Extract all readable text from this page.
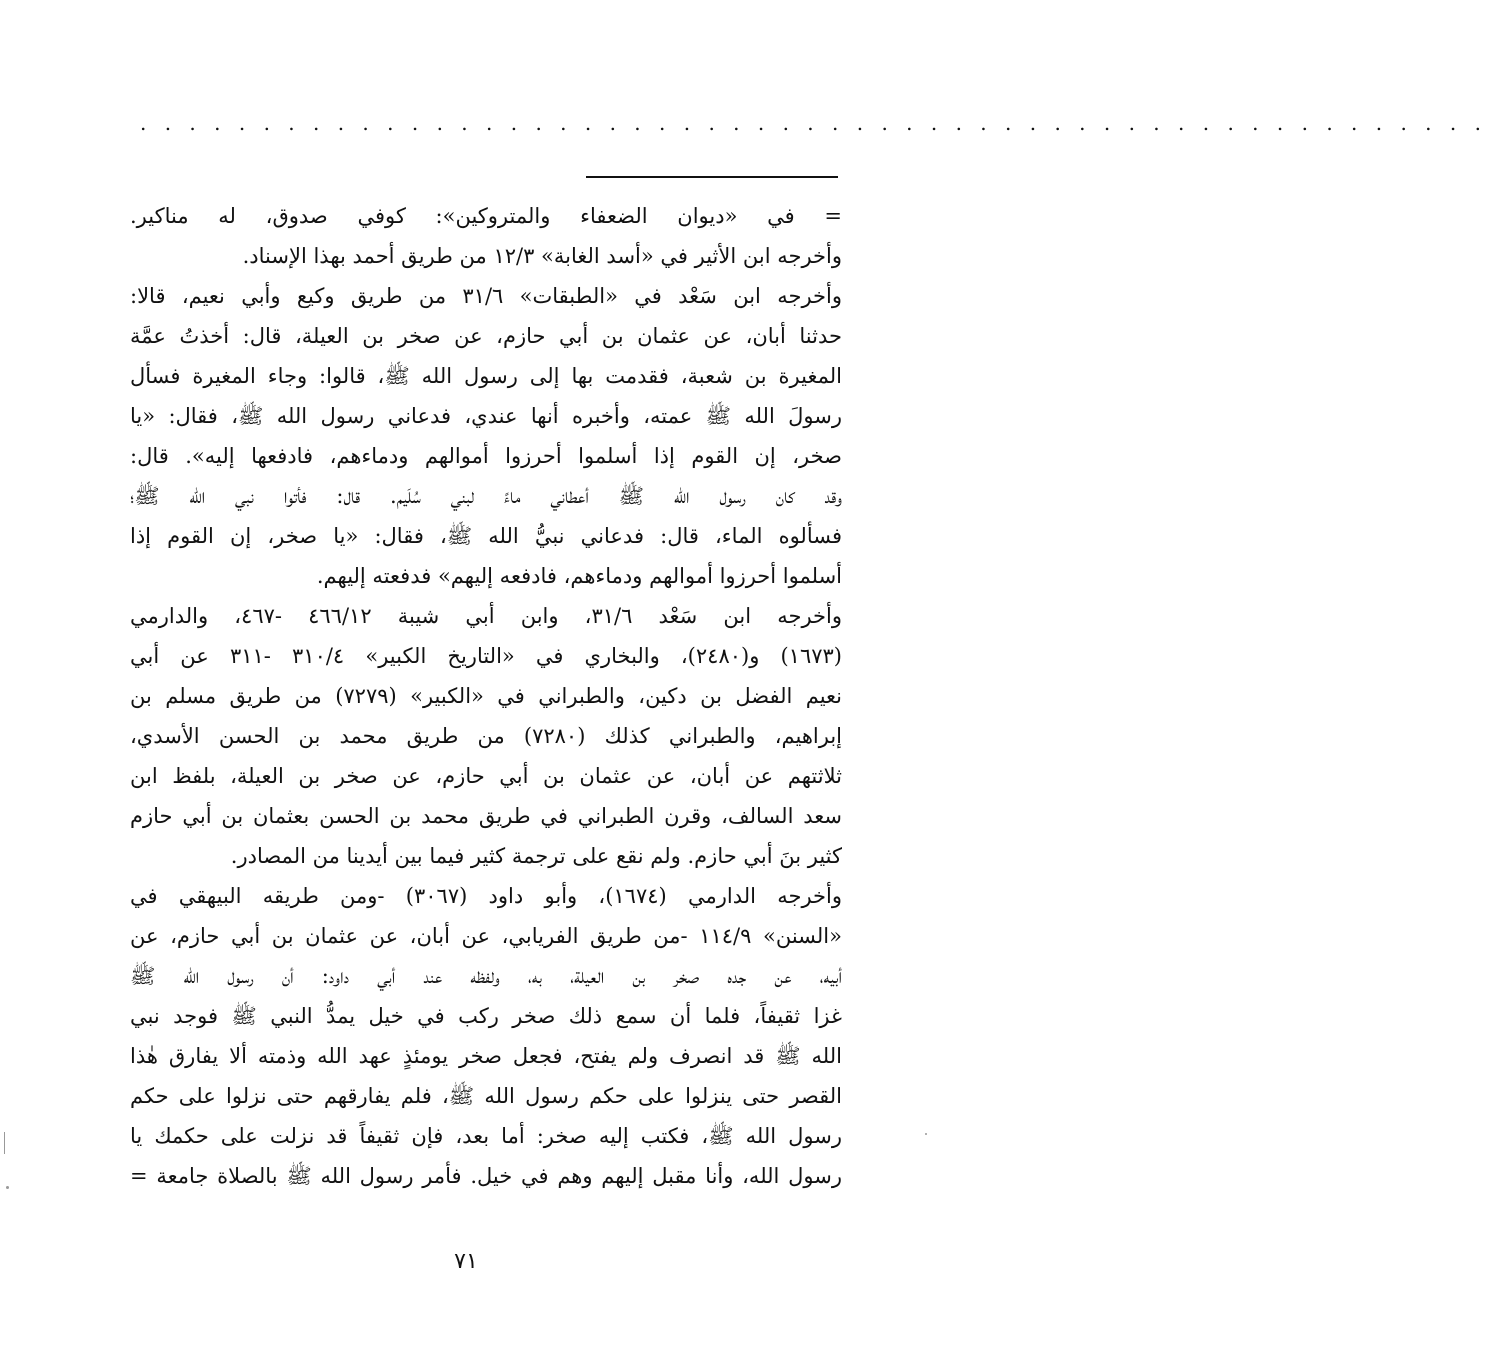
. . . . . . . . . . . . . . . . . . . . . . . . . . . . . . . . . . . . . . . . . . . . . . . . . . . . . . .
= في «ديوان الضعفاء والمتروكين»: كوفي صدوق، له مناكير.
وأخرجه ابن الأثير في «أسد الغابة» ١٢/٣ من طريق أحمد بهذا الإسناد.
وأخرجه ابن سَعْد في «الطبقات» ٣١/٦ من طريق وكيع وأبي نعيم، قالا:
حدثنا أبان، عن عثمان بن أبي حازم، عن صخر بن العيلة، قال: أخذتُ عمَّة
المغيرة بن شعبة، فقدمت بها إلى رسول الله ﷺ، قالوا: وجاء المغيرة فسأل
رسولَ الله ﷺ عمته، وأخبره أنها عندي، فدعاني رسول الله ﷺ، فقال: «يا
صخر، إن القوم إذا أسلموا أحرزوا أموالهم ودماءهم، فادفعها إليه». قال:
وقد كان رسول الله ﷺ أعطاني ماءً لبني سُلَيم. قال: فأتوا نبي الله ﷺ؛
فسألوه الماء، قال: فدعاني نبيُّ الله ﷺ، فقال: «يا صخر، إن القوم إذا
أسلموا أحرزوا أموالهم ودماءهم، فادفعه إليهم» فدفعته إليهم.
وأخرجه ابن سَعْد ٣١/٦، وابن أبي شيبة ٤٦٦/١٢ -٤٦٧، والدارمي
(١٦٧٣) و(٢٤٨٠)، والبخاري في «التاريخ الكبير» ٣١٠/٤ -٣١١ عن أبي
نعيم الفضل بن دكين، والطبراني في «الكبير» (٧٢٧٩) من طريق مسلم بن
إبراهيم، والطبراني كذلك (٧٢٨٠) من طريق محمد بن الحسن الأسدي،
ثلاثتهم عن أبان، عن عثمان بن أبي حازم، عن صخر بن العيلة، بلفظ ابن
سعد السالف، وقرن الطبراني في طريق محمد بن الحسن بعثمان بن أبي حازم
كثير بنَ أبي حازم. ولم نقع على ترجمة كثير فيما بين أيدينا من المصادر.
وأخرجه الدارمي (١٦٧٤)، وأبو داود (٣٠٦٧) -ومن طريقه البيهقي في
«السنن» ١١٤/٩ -من طريق الفريابي، عن أبان، عن عثمان بن أبي حازم، عن
أبيه، عن جده صخر بن العيلة، به، ولفظه عند أبي داود: أن رسول الله ﷺ
غزا ثقيفاً، فلما أن سمع ذلك صخر ركب في خيل يمدُّ النبي ﷺ فوجد نبي
الله ﷺ قد انصرف ولم يفتح، فجعل صخر يومئذٍ عهد الله وذمته ألا يفارق هٰذا
القصر حتى ينزلوا على حكم رسول الله ﷺ، فلم يفارقهم حتى نزلوا على حكم
رسول الله ﷺ، فكتب إليه صخر: أما بعد، فإن ثقيفاً قد نزلت على حكمك يا
رسول الله، وأنا مقبل إليهم وهم في خيل. فأمر رسول الله ﷺ بالصلاة جامعة =
٧١
